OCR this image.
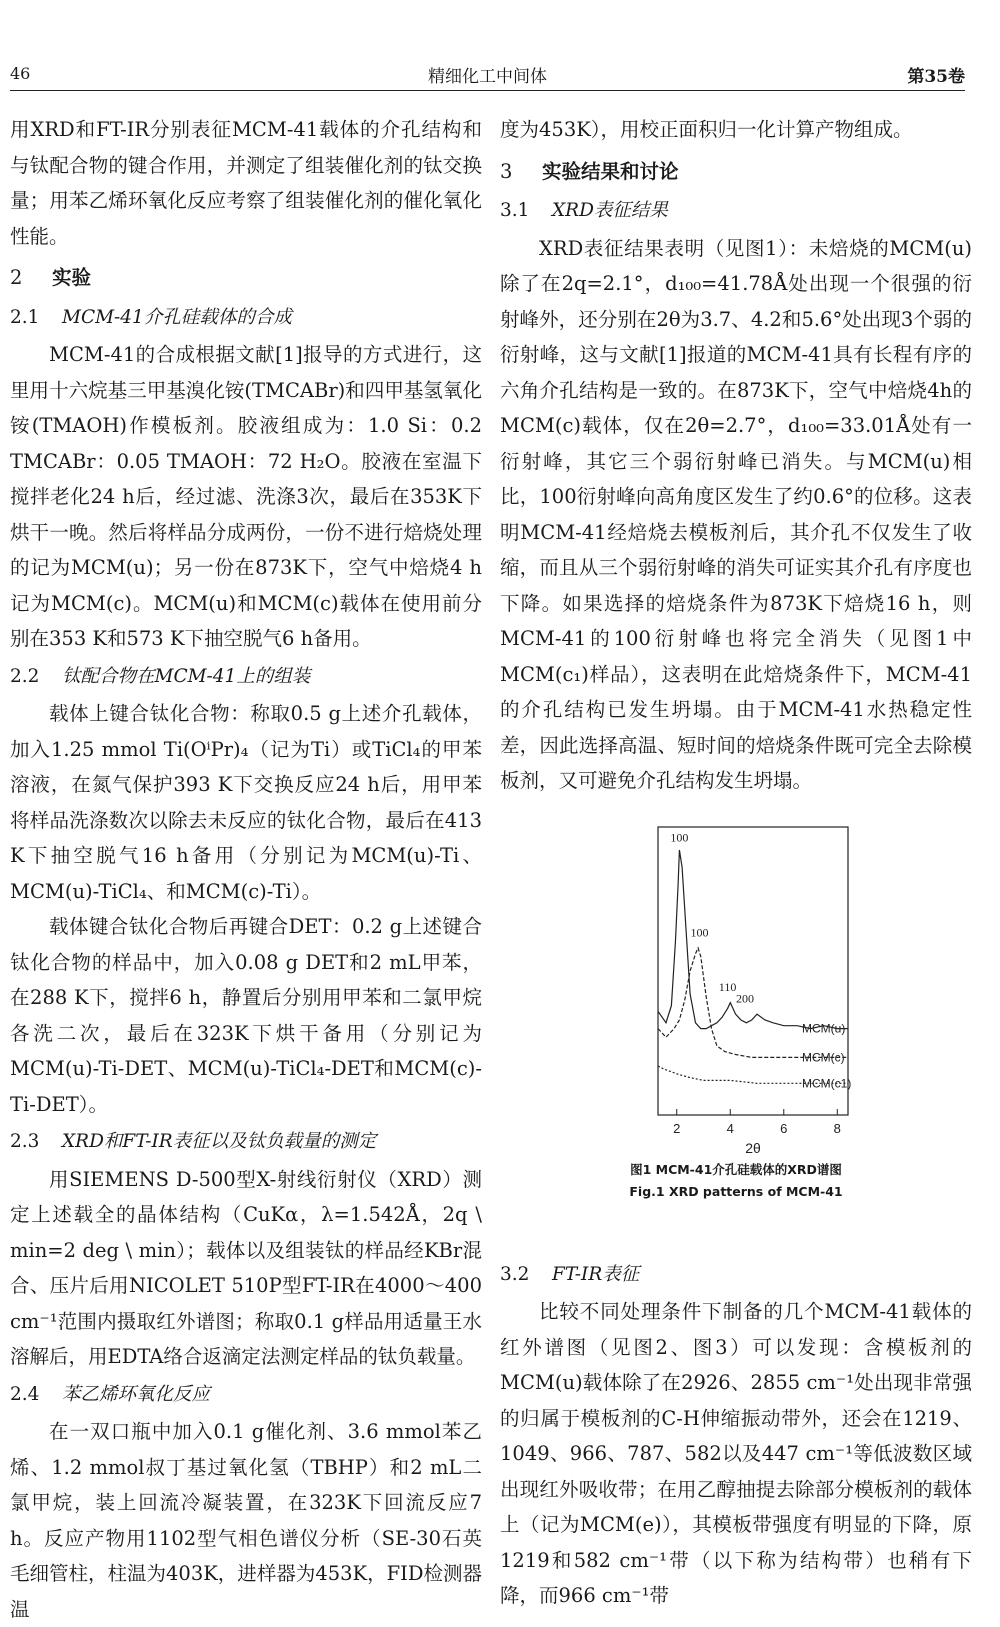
46	精细化工中间体	第35卷

用XRD和FT-IR分别表征MCM-41载体的介孔结构和与钛配合物的键合作用，并测定了组装催化剂的钛交换量；用苯乙烯环氧化反应考察了组装催化剂的催化氧化性能。

2 实验
2.1 MCM-41介孔硅载体的合成

MCM-41的合成根据文献[1]报导的方式进行，这里用十六烷基三甲基溴化铵(TMCABr)和四甲基氢氧化铵(TMAOH)作模板剂。胶液组成为：1.0 Si：0.2 TMCABr：0.05 TMAOH：72 H₂O。胶液在室温下搅拌老化24 h后，经过滤、洗涤3次，最后在353K下烘干一晚。然后将样品分成两份，一份不进行焙烧处理的记为MCM(u)；另一份在873K下，空气中焙烧4 h记为MCM(c)。MCM(u)和MCM(c)载体在使用前分别在353 K和573 K下抽空脱气6 h备用。

2.2 钛配合物在MCM-41上的组装

载体上键合钛化合物：称取0.5 g上述介孔载体，加入1.25 mmol Ti(OⁱPr)₄（记为Ti）或TiCl₄的甲苯溶液，在氮气保护393 K下交换反应24 h后，用甲苯将样品洗涤数次以除去未反应的钛化合物，最后在413 K下抽空脱气16 h备用（分别记为MCM(u)-Ti、MCM(u)-TiCl₄、和MCM(c)-Ti）。

载体键合钛化合物后再键合DET：0.2 g上述键合钛化合物的样品中，加入0.08 g DET和2 mL甲苯，在288 K下，搅拌6 h，静置后分别用甲苯和二氯甲烷各洗二次，最后在323K下烘干备用（分别记为MCM(u)-Ti-DET、MCM(u)-TiCl₄-DET和MCM(c)-Ti-DET）。

2.3 XRD和FT-IR表征以及钛负载量的测定

用SIEMENS D-500型X-射线衍射仪（XRD）测定上述载全的晶体结构（CuKα，λ=1.542Å，2q \ min=2 deg \ min）；载体以及组装钛的样品经KBr混合、压片后用NICOLET 510P型FT-IR在4000～400 cm⁻¹范围内摄取红外谱图；称取0.1 g样品用适量王水溶解后，用EDTA络合返滴定法测定样品的钛负载量。

2.4 苯乙烯环氧化反应

在一双口瓶中加入0.1 g催化剂、3.6 mmol苯乙烯、1.2 mmol叔丁基过氧化氢（TBHP）和2 mL二氯甲烷，装上回流冷凝装置，在323K下回流反应7 h。反应产物用1102型气相色谱仪分析（SE-30石英毛细管柱，柱温为403K，进样器为453K，FID检测器温

度为453K），用校正面积归一化计算产物组成。

3 实验结果和讨论
3.1 XRD表征结果

XRD表征结果表明（见图1）：未焙烧的MCM(u)除了在2q=2.1°，d₁₀₀=41.78Å处出现一个很强的衍射峰外，还分别在2θ为3.7、4.2和5.6°处出现3个弱的衍射峰，这与文献[1]报道的MCM-41具有长程有序的六角介孔结构是一致的。在873K下，空气中焙烧4h的MCM(c)载体，仅在2θ=2.7°，d₁₀₀=33.01Å处有一衍射峰，其它三个弱衍射峰已消失。与MCM(u)相比，100衍射峰向高角度区发生了约0.6°的位移。这表明MCM-41经焙烧去模板剂后，其介孔不仅发生了收缩，而且从三个弱衍射峰的消失可证实其介孔有序度也下降。如果选择的焙烧条件为873K下焙烧16 h，则MCM-41的100衍射峰也将完全消失（见图1中MCM(c₁)样品），这表明在此焙烧条件下，MCM-41的介孔结构已发生坍塌。由于MCM-41水热稳定性差，因此选择高温、短时间的焙烧条件既可完全去除模板剂，又可避免介孔结构发生坍塌。

2	4	6	8
2θ
MCM(u)
MCM(c)
MCM(c1)
100
100
110
200
图1 MCM-41介孔硅载体的XRD谱图
Fig.1 XRD patterns of MCM-41
3.2 FT-IR表征

比较不同处理条件下制备的几个MCM-41载体的红外谱图（见图2、图3）可以发现：含模板剂的MCM(u)载体除了在2926、2855 cm⁻¹处出现非常强的归属于模板剂的C-H伸缩振动带外，还会在1219、1049、966、787、582以及447 cm⁻¹等低波数区域出现红外吸收带；在用乙醇抽提去除部分模板剂的载体上（记为MCM(e)），其模板带强度有明显的下降，原1219和582 cm⁻¹带（以下称为结构带）也稍有下降，而966 cm⁻¹带
